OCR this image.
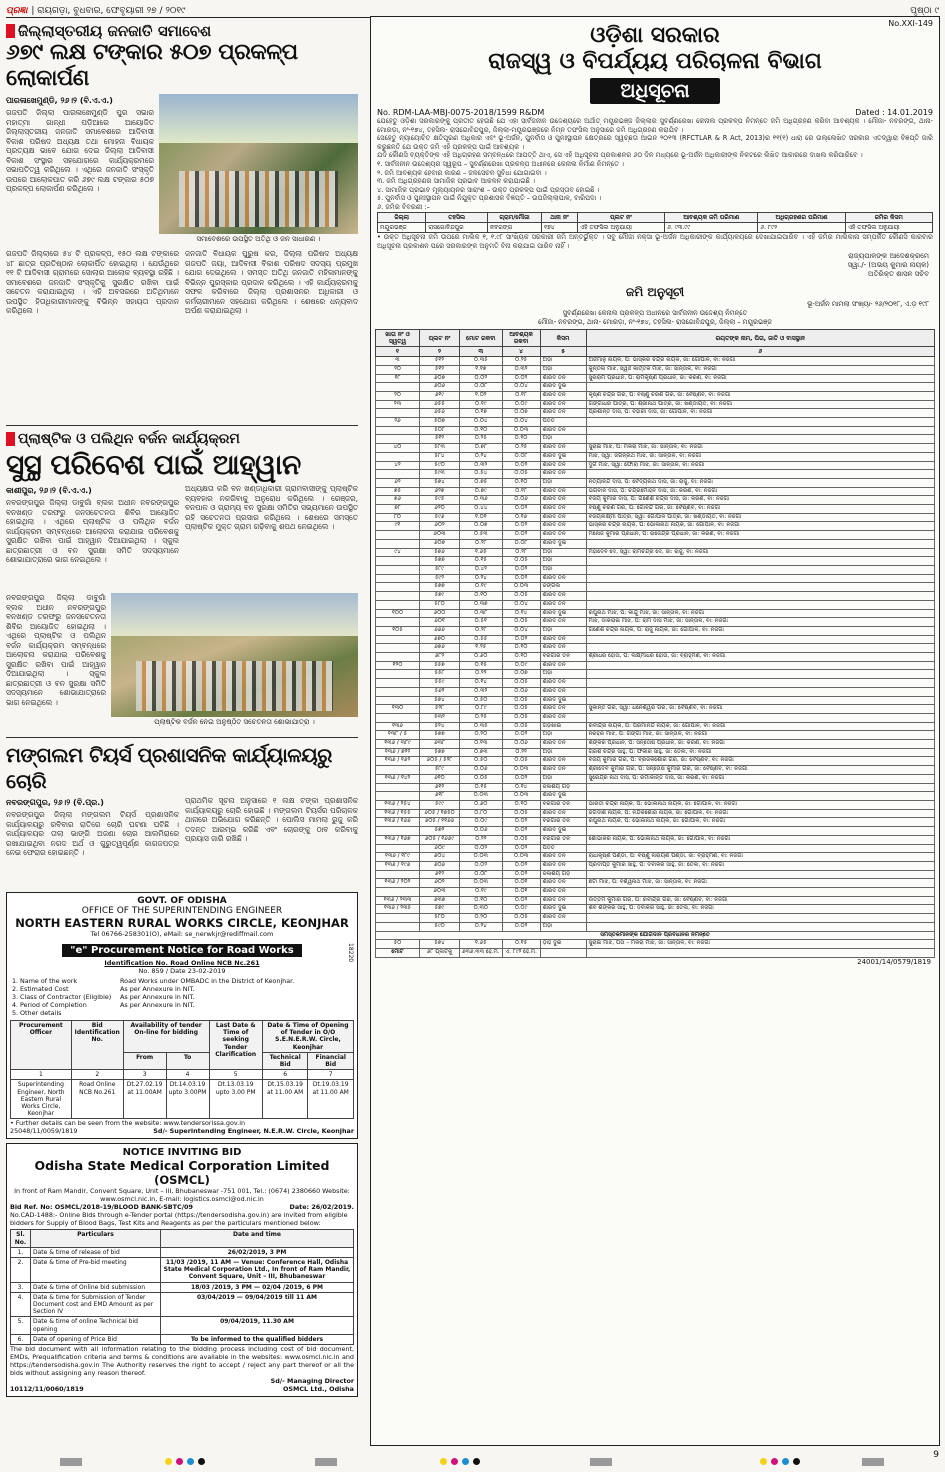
ପ୍ରଜ୍ଞା | ରାୟଗଡ଼ା, ବୁଧବାର, ଫେବୃୟାରୀ ୨୭ / ୨୦୧୯	ପୃଷ୍ଠା ୯
ଜିଲ୍ଲାସ୍ତରୀୟ ଜନଜାତି ସମାବେଶ
୬୭୯ ଲକ୍ଷ ଟଙ୍କାର ୫୦୭ ପ୍ରକଳ୍ପ ଲୋକାର୍ପଣ
ପାରଳାଖେମୁଣ୍ଡି, ୨୬।୨ (ବି.ଏ.ଏ.)
ଗଜପତି ଜିଲ୍ଲା ପାରଳାଖେମୁଣ୍ଡି ପୁର ସଭାର ମହାତ୍ମା ଗାନ୍ଧୀ ପଡ଼ିଆରେ ଆୟୋଜିତ ଜିଲ୍ଲାସ୍ତରୀୟ ଜନଜାତି ସମାବେଶରେ ଆଦିବାସୀ ବିକାଶ ପରିଷଦ ଅଧ୍ୟକ୍ଷ ତଥା ମୋହନା ବିଧାୟକ ପ୍ରତ୍ୟକ୍ଷ ଭାବେ ଯୋଗ ଦେଇ ଜିଲ୍ଲା ଆଦିବାସୀ ବିକାଶ ସଂସ୍ଥାର ସହଯୋଗରେ କାର୍ଯ୍ୟକ୍ରମରେ ସଭାପତିତ୍ୱ କରିଥିଲେ । ଏଥିରେ ଜନଜାତି ସଂସ୍କୃତି ଉପରେ ଆଲୋକପାତ କରି ୬୭୯ ଲକ୍ଷ ଟଙ୍କାର ୫୦୭ ପ୍ରକଳ୍ପ ଲୋକାର୍ପଣ କରିଥିଲେ ।
ସମାବେଶରେ ଉପସ୍ଥିତ ଅତିଥି ଓ ଜନ ସାଧାରଣ ।
ଗଜପତି ଜିଲ୍ଲାରେ ୫୪ ଟି ପ୍ରକଳ୍ପ, ୧୫୦ ଲକ୍ଷ ଟଙ୍କାରେ ୪୮ ଛାତ୍ର ପ୍ରତିଷ୍ଠାନ ଲୋକାର୍ପିତ ହୋଇଥିଲା । ଯେଉଁଥିରେ ୧୧ ଟି ଆଦିବାସୀ ଗ୍ରାମରେ ସୋଲାର ଆଲୋକ ବ୍ୟବସ୍ଥା ରହିଛି । ସମାବେଶରେ ଜନଜାତି ସଂସ୍କୃତିକୁ ସୁରକ୍ଷିତ ରଖିବା ପାଇଁ ସଚେତନ କରାଯାଇଥିଲା । ଏହି ଅବସରରେ ଅତିଥିମାନେ ଉପସ୍ଥିତ ହିତାଧିକାରୀମାନଙ୍କୁ ବିଭିନ୍ନ ସହାୟତା ପ୍ରଦାନ କରିଥିଲେ ।
ଜନଜାତି ବିଧାୟକ ପୁରୁଷ କର, ଜିଲ୍ଲା ପରିଷଦ ଅଧ୍ୟକ୍ଷ ଗଜପତି ଜୟା, ଆଦିବାସୀ ବିକାଶ ପରିଷଦ ସଦସ୍ୟ ପ୍ରମୁଖ ଯୋଗ ଦେଇଥିଲେ । ସମସ୍ତ ଅତିଥି ଜନଜାତି ମହିଳାମାନଙ୍କୁ ବିଭିନ୍ନ ପୁରସ୍କାର ପ୍ରଦାନ କରିଥିଲେ । ଏହି କାର୍ଯ୍ୟକ୍ରମକୁ ସଫଳ କରିବାରେ ଜିଲ୍ଲା ପ୍ରଶାସନର ଅଧିକାରୀ ଓ କର୍ମଚାରୀମାନେ ସହଯୋଗ କରିଥିଲେ । ଶେଷରେ ଧନ୍ୟବାଦ ଅର୍ପଣ କରାଯାଇଥିଲା ।
ପ୍ଲାଷ୍ଟିକ ଓ ପଲିଥିନ ବର୍ଜନ କାର୍ଯ୍ୟକ୍ରମ
ସୁସ୍ଥ ପରିବେଶ ପାଇଁ ଆହ୍ୱାନ
କାଶୀପୁର, ୨୬।୨ (ବି.ଏ.ଏ.)
ନବରଙ୍ଗପୁର ଜିଲ୍ଲା ଡାବୁଗାଁ ବ୍ଲକ ଅଧୀନ ନବରଙ୍ଗପୁର ବନଖଣ୍ଡ ତରଫରୁ ଜନସଚେତନତା ଶିବିର ଆୟୋଜିତ ହୋଇଥିଲା । ଏଥିରେ ପ୍ଲାଷ୍ଟିକ ଓ ପଲିଥିନ ବର୍ଜନ କାର୍ଯ୍ୟକ୍ରମ ସମ୍ବନ୍ଧରେ ଆଲୋଚନା କରାଯାଇ ପରିବେଶକୁ ସୁରକ୍ଷିତ ରଖିବା ପାଇଁ ଆହ୍ୱାନ ଦିଆଯାଇଥିଲା । ସ୍କୁଲ ଛାତ୍ରଛାତ୍ରୀ ଓ ବନ ସୁରକ୍ଷା ସମିତି ସଦସ୍ୟମାନେ ଶୋଭାଯାତ୍ରାରେ ଭାଗ ନେଇଥିଲେ ।
ଅଧ୍ୟକ୍ଷତା କରି ବନ ଖଣ୍ଡାଧିକାରୀ ଗ୍ରାମବାସୀଙ୍କୁ ପ୍ଲାଷ୍ଟିକ ବ୍ୟବହାର ନକରିବାକୁ ଅନୁରୋଧ କରିଥିଲେ । ରେଞ୍ଜର, ବନପାଳ ଓ ଗ୍ରାମ୍ୟ ବନ ସୁରକ୍ଷା ସମିତିର ସଭ୍ୟମାନେ ଉପସ୍ଥିତ ରହି ସଚେତନତା ପ୍ରସାର କରିଥିଲେ । ଶେଷରେ ସମସ୍ତେ ପ୍ଲାଷ୍ଟିକ ମୁକ୍ତ ଗ୍ରାମ ଗଢ଼ିବାକୁ ଶପଥ ନେଇଥିଲେ ।
ନବରଙ୍ଗପୁର ଜିଲ୍ଲା ଡାବୁଗାଁ ବ୍ଲକ ଅଧୀନ ନବରଙ୍ଗପୁର ବନଖଣ୍ଡ ତରଫରୁ ଜନସଚେତନତା ଶିବିର ଆୟୋଜିତ ହୋଇଥିଲା । ଏଥିରେ ପ୍ଲାଷ୍ଟିକ ଓ ପଲିଥିନ ବର୍ଜନ କାର୍ଯ୍ୟକ୍ରମ ସମ୍ବନ୍ଧରେ ଆଲୋଚନା କରାଯାଇ ପରିବେଶକୁ ସୁରକ୍ଷିତ ରଖିବା ପାଇଁ ଆହ୍ୱାନ ଦିଆଯାଇଥିଲା । ସ୍କୁଲ ଛାତ୍ରଛାତ୍ରୀ ଓ ବନ ସୁରକ୍ଷା ସମିତି ସଦସ୍ୟମାନେ ଶୋଭାଯାତ୍ରାରେ ଭାଗ ନେଇଥିଲେ ।
ପ୍ଲାଷ୍ଟିକ ବର୍ଜନ ନେଇ ଅନୁଷ୍ଠିତ ସଚେତନତା ଶୋଭାଯାତ୍ରା ।
ମଙ୍ଗଲମ ଟିୟର୍ସ ପ୍ରଶାସନିକ କାର୍ଯ୍ୟାଳୟରୁ ଚୋରି
ନବରଙ୍ଗପୁର, ୨୬।୨ (ବି.ପ୍ର.)
ନବରଙ୍ଗପୁର ଜିଲ୍ଲା ମଙ୍ଗଲମ ଟିୟର୍ସ ପ୍ରଶାସନିକ କାର୍ଯ୍ୟାଳୟରୁ ରବିବାର ରାତିରେ ଚୋରି ଘଟଣା ଘଟିଛି । କାର୍ଯ୍ୟାଳୟର ତାଲା ଭାଙ୍ଗି ଅଜଣା ଚୋର ଆଲମିରାରେ ରଖାଯାଇଥିବା ନଗଦ ଅର୍ଥ ଓ ଗୁରୁତ୍ୱପୂର୍ଣ୍ଣ କାଗଜପତ୍ର ନେଇ ଫେରାର ହୋଇଛନ୍ତି ।
ପ୍ରାଥମିକ ସୂଚନା ଅନୁସାରେ ୧ ଲକ୍ଷ ଟଙ୍କା ପ୍ରଶାସନିକ କାର୍ଯ୍ୟାଳୟରୁ ଚୋରି ହୋଇଛି । ମଙ୍ଗଲମ ଟିୟର୍ସର ପରିଚାଳକ ଥାନାରେ ଅଭିଯୋଗ କରିଛନ୍ତି । ପୋଲିସ ମାମଲା ରୁଜୁ କରି ତଦନ୍ତ ଆରମ୍ଭ କରିଛି ଏବଂ ଚୋରଙ୍କୁ ଠାବ କରିବାକୁ ପ୍ରୟାସ ଜାରି ରଖିଛି ।
GOVT. OF ODISHA
OFFICE OF THE SUPERINTENDING ENGINEER
NORTH EASTERN RURAL WORKS CIRCLE, KEONJHAR
Tel 06766-258301(O), eMail: se_nerwkjr@rediffmail.com
"e" Procurement Notice for Road Works
Identification No. Road Online NCB Nc.261
No. 859 / Date 23-02-2019
18220
1.	Name of the work	Road Works under OMBADC in the District of Keonjhar.
2.	Estimated Cost	As per Annexure in NIT.
3.	Class of Contractor (Eligible)	As per Annexure in NIT.
4.	Period of Completion	As per Annexure in NIT.
5.	Other details	
Procurement Officer	Bid Identification No.	Availability of tender On-line for bidding		Last Date & Time of seeking Tender Clarification	Date & Time of Opening of Tender in O/O S.E.N.E.R.W. Circle, Keonjhar	
		From	To		Technical Bid	Financial Bid
1	2	3	4	5	6	7
Superintending Engineer, North Eastern Rural Works Circle, Keonjhar	Road Online NCB No.261	Dt.27.02.19 at 11.00AM	Dt.14.03.19 upto 3.00PM	Dt.13.03.19 upto 3.00 PM	Dt.15.03.19 at 11.00 AM	Dt.19.03.19 at 11.00 AM
• Further details can be seen from the website: www.tendersorissa.gov.in
25048/11/0059/1819	Sd/- Superintending Engineer, N.E.R.W. Circle, Keonjhar
NOTICE INVITING BID
Odisha State Medical Corporation Limited
(OSMCL)
In front of Ram Mandir, Convent Square, Unit – III, Bhubaneswar -751 001, Tel.: (0674) 2380660 Website: www.osmcl.nic.in, E-mail: logistics.osmcl@od.nic.in
Bid Ref. No: OSMCL/2018-19/BLOOD BANK-SBTC/09	Date: 26/02/2019.
No.CAD-1488:- Online Bids through e-Tender portal (https://tendersodisha.gov.in) are invited from eligible bidders for Supply of Blood Bags, Test Kits and Reagents as per the particulars mentioned below:
Sl. No.	Particulars	Date and time
1.	Date & time of release of bid	26/02/2019, 3 PM
2.	Date & time of Pre-bid meeting	11/03 /2019, 11 AM — Venue: Conference Hall, Odisha State Medical Corporation Ltd., In front of Ram Mandir, Convent Square, Unit – III, Bhubaneswar
3.	Date & time of Online bid submission	18/03 /2019, 3 PM — 02/04 /2019, 6 PM
4.	Date & time for Submission of Tender Document cost and EMD Amount as per Section IV	03/04/2019 — 09/04/2019 till 11 AM
5.	Date & time of online Technical bid opening	09/04/2019, 11.30 AM
6.	Date of opening of Price Bid	To be informed to the qualified bidders
The bid document with all information relating to the bidding process including cost of bid document, EMDs, Prequalification criteria and terms & conditions are available in the websites: www.osmcl.nic.in and https://tendersodisha.gov.in The Authority reserves the right to accept / reject any part thereof or all the bids without assigning any reason thereof.
10112/11/0060/1819
Sd/- Managing Director
OSMCL Ltd., Odisha
No.XXI-149
ଓଡ଼ିଶା ସରକାର
ରାଜସ୍ୱ ଓ ବିପର୍ଯ୍ୟୟ ପରିଚାଳନା ବିଭାଗ
ଅଧିସୂଚନା
No. RDM-LAA-MBJ-0075-2018/1599 R&DM	Dated : 14.01.2019
ଯେହେତୁ ଓଡ଼ିଶା ସରକାରଙ୍କୁ ପ୍ରତୀତ ହେଉଛି ଯେ ଏହା ସାର୍ବଜନୀନ ଉଦ୍ଦେଶ୍ୟରେ ଅର୍ଥାତ୍ ମୟୂରଭଞ୍ଜ ଜିଲ୍ଲାର ସୁବର୍ଣ୍ଣରେଖା କେନାଲ ପ୍ରକଳ୍ପ ନିମନ୍ତେ ଜମି ଅଧିଗ୍ରହଣ କରିବା ଆବଶ୍ୟକ । ମୌଜା- ନବରଙ୍ଗ, ଥାନା- ମୋରଡ଼ା, ନଂ-୧୭୪, ତହସିଲ- ରାସଗୋବିନ୍ଦପୁର, ଜିଲ୍ଲା-ମୟୂରଭଞ୍ଜରେ ନିମ୍ନ ତଫସିଲ ଅନୁସାରେ ଜମି ଅଧିଗ୍ରହଣ କରାଯିବ ।
ସେହେତୁ ନ୍ୟାୟୋଚିତ କ୍ଷତିପୂରଣ ଅଧିକାର ଏବଂ ଭୂ-ଅର୍ଜନ, ପୁନର୍ବାସ ଓ ପୁନଃସ୍ଥାପନ କ୍ଷେତ୍ରରେ ସ୍ୱଚ୍ଛତା ଆଇନ ୨୦୧୩ (RFCTLAR & R Act, 2013)ର ୧୧(୧) ଧାରା ରେ ଉଲ୍ଲେଖିତ ସରକାର ଏତଦ୍ୱାରା ବିଜ୍ଞପ୍ତି ଜାରି କରୁଛନ୍ତି ଯେ ଉକ୍ତ ଜମି ଏହି ପ୍ରକଳ୍ପ ପାଇଁ ଆବଶ୍ୟକ ।
ଯଦି କୌଣସି ବ୍ୟକ୍ତିଙ୍କ ଏହି ଅଧିଗ୍ରହଣ ସମ୍ବନ୍ଧରେ ଆପତ୍ତି ଥାଏ, ସେ ଏହି ଅଧିସୂଚନା ପ୍ରକାଶନର ୬୦ ଦିନ ମଧ୍ୟରେ ଭୂ-ଅର୍ଜନ ଅଧିକାରୀଙ୍କ ନିକଟରେ ଲିଖିତ ଆକାରରେ ଦାଖଲ କରିପାରିବେ ।
୧. ସାର୍ବଜନୀନ ଉଦ୍ଦେଶ୍ୟର ସ୍ୱରୂପ – ସୁବର୍ଣ୍ଣରେଖା ପ୍ରକଳ୍ପ ଅଧୀନରେ କେନାଲ ନିର୍ମାଣ ନିମନ୍ତେ ।
୨. ଜମି ଆବଶ୍ୟକ ହେବାର କାରଣ – ଜଳସେଚନ ସୁବିଧା ଯୋଗାଇବା ।
୩. ଜମି ଅଧିଗ୍ରହଣର ସାମାଜିକ ପ୍ରଭାବ ଆକଳନ କରାଯାଇଛି ।
୪. ସାମାଜିକ ପ୍ରଭାବ ମୂଲ୍ୟାୟନର ସାରାଂଶ – ଉକ୍ତ ପ୍ରକଳ୍ପ ପାଇଁ ପ୍ରସ୍ତାବ ହୋଇଛି ।
୫. ପୁନର୍ବାସ ଓ ପୁନଃସ୍ଥାପନ ପାଇଁ ନିଯୁକ୍ତ ପ୍ରଶାସକ ବିଜ୍ଞପ୍ତି – ଉପଜିଲ୍ଲାପାଳ, ବାରିପଦା ।
୬. ଜମିର ବିବରଣୀ :–
ଜିଲ୍ଲା	ତହସିଲ	ଗ୍ରାମ/ମୌଜା	ଥାନା ନଂ	ପ୍ଲଟ ନଂ	ଆବଶ୍ୟକ ଜମି ପରିମାଣ	ଅଧିଗ୍ରହଣର ପରିମାଣ	ଜମିର କିସମ
ମୟୂରଭଞ୍ଜ	ରାସଗୋବିନ୍ଦପୁର	ନବରଙ୍ଗ	୧୭୪	ଏହି ତଫସିଲ ଅନୁଯାୟୀ	୬. ୯୩.୯୯	୬. ୮୯୨	ଏହି ତଫସିଲ ଅନୁଯାୟୀ
• ଉକ୍ତ ଅଧିସୂଚନା ଜମି ଉପରେ ମାଲିକ ୧, ୧.୯୮ ସାଂଖ୍ୟିକ ସରକାରୀ ଜମି ଅନ୍ତର୍ଭୁକ୍ତ । ସବୁ ମୌଜା ନକ୍ସା ଭୂ-ଅର୍ଜନ ଅଧିକାରୀଙ୍କ କାର୍ଯ୍ୟାଳୟରେ ଦେଖାଯାଇପାରିବ । ଏହି ଜମିର ମାଲିକାନା ସମ୍ପର୍କିତ କୌଣସି କାରବାର ଅଧିସୂଚନା ପ୍ରକାଶନ ପରେ ସରକାରଙ୍କ ଅନୁମତି ବିନା କରାଯାଇ ପାରିବ ନାହିଁ ।
ରାଜ୍ୟପାଳଙ୍କ ଆଦେଶକ୍ରମେ
ସ୍ୱା./- (ଅଭୟ କୁମାର ନାୟକ)
ଅତିରିକ୍ତ ଶାସନ ସଚିବ
ଜମି ଅନୁସୂଚୀ
ଭୂ-ଅର୍ଜନ ମାମଲା ସଂଖ୍ୟା- ୨୬/୨୦୧୮, ଏ.ଡ଼ ୧୯୮
ସୁବର୍ଣ୍ଣରେଖା କେନାଲ ପ୍ରକଳ୍ପ ଅଧୀନରେ ସାର୍ବଜନୀନ ଉଦ୍ଦେଶ୍ୟ ନିମନ୍ତେ
ମୌଜା- ନବରଙ୍ଗ, ଥାନା- ମୋରଡ଼ା, ନଂ-୧୭୪, ତହସିଲ- ରାସଗୋବିନ୍ଦପୁର, ଜିଲ୍ଲା – ମୟୂରଭଞ୍ଜ
ଖାତା ନଂ ଓ ସ୍ୱତ୍ୱ	ପ୍ଲଟ ନଂ	ମୋଟ ରକବା	ଆବଶ୍ୟକ ରକବା	କିସମ	ରୟତଙ୍କ ନାମ, ପିତା, ଜାତି ଓ ବାସସ୍ଥାନ
୧	୨	୩	୪	୫	୬
୩	୫୧୨	୦.୩୫	୦.୨୫	ଅଡ଼ା	ଅର୍ଜିମାନୁ ନାୟକ, ପି: ଭାସ୍କର ଚନ୍ଦ୍ର ନାୟକ, ଜା: ଗୋପାଳ, ବା: ନିଜଗାଁ
୨୦	୫୧୨	୧.୧୭	୦.୩୨	ଅଡ଼ା	କୁନ୍ତଳା ମାଝି, ସ୍ୱାଃ କାର୍ତ୍ତିକ ମାଝି, ଜା: ସାନ୍ତାଳ, ବା: ନିଜଗାଁ
୧୮	୬୦୭	୦.୦୨	୦.୦୨	ଶାରଦ ତିନି	ସୁନାରାମ ପ୍ରଧାନ, ପି: ରାମକୃଷ୍ଣ ପ୍ରଧାନ, ଜା: କରଣ, ବା: ନିଜଗାଁ
	୬୦୬	୦.୦୮	୦.୦୪	ଶାରଦ ଦୁଇ	
୨୦	୬୧୯	୧.୦୨	୦.୧୮	ଶାରଦ ତିନି	କୃଷ୍ଣ ଚନ୍ଦ୍ର ଗିରି, ପି: ବିଷ୍ଣୁ ଚରଣ ଗିରି, ଜା: ବୈଷ୍ଣବ, ବା: ନିଜଗାଁ
୨୩	୬୫୫	୦.୧୯	୦.୦୯	ଶାରଦ ତିନି	ଗଙ୍ଗାଧର ପାତ୍ର, ପି: ଶ୍ରୀନାଥ ପାତ୍ର, ଜା: ଖଣ୍ଡାୟତ, ବା: ନିଜଗାଁ
	୬୫୬	୦.୧୭	୦.୦୭	ଶାରଦ ତିନି	ପ୍ରଶାନ୍ତ ଦାସ, ପି: ବିହାରୀ ଦାସ, ଜା: ଗୋପାଳ, ବା: ନିଜଗାଁ
୨୬	୫୦୭	୦.୦୪	୦.୦୪	ପତିତ	
	୫୦୮	୦.୧୦	୦.୦୩	ଶାରଦ ତିନି	
	୫୧୨	୦.୨୫	୦.୧୦	ଅଡ଼ା	
୪୦	୫୮୩	୦.୭୮	୦.୨୫	ଶାରଦ ତିନି	ସୁରାଇ ମାଝି, ପି: ମକରା ମାଝି, ଜା: ସାନ୍ତାଳ, ବା: ନିଜଗାଁ
	୫୮୪	୦.୨୪	୦.୦୮	ଶାରଦ ଦୁଇ	ମାଝି, ସ୍ୱା: ଜଗନ୍ନାଥ ମାଝି, ଜା: ସାନ୍ତାଳ, ବା: ନିଜଗାଁ
୪୨	୫୯୦	୦.୩୨	୦.୦୨	ଶାରଦ ତିନି	ଦୁର୍ଗି ମାଝି, ସ୍ୱା: ଫୋରା ମାଝି, ଜା: ସାନ୍ତାଳ, ବା: ନିଜଗାଁ
	୫୯୩	୦.୫୪	୦.୦୫	ଶାରଦ ତିନି	
୬୨	୫୭୪	୦.୭୫	୦.୧୦	ଅଡ଼ା	ନିତ୍ୟାନନ୍ଦ ଦାସ, ପି: ବୈଦ୍ୟନାଥ ଦାସ, ଜା: ରାଜୁ, ବା: ନିଜଗାଁ
୭୫	୬୨୭	୦.୭୯	୦.୧୮	ଶାରଦ ତିନି	ଭଗବାନ ଦାସ, ପି: ଚନ୍ଦ୍ରମୋହନ ଦାସ, ଜା: କରଣ, ବା: ନିଜଗାଁ
୭୬	୫୯୫	୦.୩୬	୦.୦୬	ଶାରଦ ତିନି	ବିଜୟ କୁମାର ଦାସ, ପି: ଗଣେଶ ଚନ୍ଦ୍ର ଦାସ, ଜା: କରଣ, ବା: ନିଜଗାଁ
୭୮	୬୨୦	୦.୪୪	୦.୦୨	ଶାରଦ ତିନି	ବିଷ୍ଣୁ ଚରଣ ଗିରି, ପି: ଗୋବିନ୍ଦ ଗିରି, ଜା: ବୈଷ୍ଣବ, ବା: ନିଜଗାଁ
୮୦	୫୯୬	୧.୦୧	୦.୧୬	ଶାରଦ ତିନି	ବିଜୟଲକ୍ଷ୍ମୀ ପାତ୍ର, ସ୍ୱା: ଗୋପାଳ ପାତ୍ର, ଜା: ଖଣ୍ଡାୟତ, ବା: ନିଜଗାଁ
୯୧	୬୦୨	୦.୦୭	୦.୦୨	ଶାରଦ ତିନି	ଭାସ୍କର ଚନ୍ଦ୍ର ନାୟକ, ପି: ଭୋଳାନାଥ ନାୟକ, ଜା: ଗୋପାଳ, ବା: ନିଜଗାଁ
	୬୦୩	୦.୫୩	୦.୦୨	ଶାରଦ ତିନି	ମନୋଜ କୁମାର ପ୍ରଧାନ, ପି: ରାଜେନ୍ଦ୍ର ପ୍ରଧାନ, ଜା: କରଣ, ବା: ନିଜଗାଁ
	୬୦୭	୦.୨୮	୦.୦୮	ଶାରଦ ଦୁଇ	
୯୪	୫୭୬	୧.୬୫	୦.୨୮	ଅଡ଼ା	ମହାଦେବ ଦେ, ସ୍ୱା: ରାମଚନ୍ଦ୍ର ଦେ, ଜା: ରାଜୁ, ବା: ନିଜଗାଁ
	୫୭୭	୦.୧୫	୦.୦୫	ଅଡ଼ା	
	୫୮୯	୦.୪୨	୦.୦୨	ଅଡ଼ା	
	୫୯୨	୦.୨୪	୦.୦୨	ଶାରଦ ତିନି	
	୫୭୭	୦.୧୯	୦.୦୩	ଜଙ୍ଗଲ	
	୫୭୯	୦.୧୦	୦.୦୫	ଶାରଦ ତିନି	
	୫୮୦	୦.୩୭	୦.୦୪	ଶାରଦ ତିନି	
୧୦୦	୬୦୦	୦.୩୮	୦.୧୪	ଶାରଦ ଦୁଇ	ରଘୁନାଥ ମାଝି, ପି: କାନ୍ଦୁ ମାଝି, ଜା: ସାନ୍ତାଳ, ବା: ନିଜଗାଁ
	୬୦୧	୦.୫୧	୦.୦୫	ଶାରଦ ତିନି	ମାଝି, ଡାକରାଇ ମାଝି, ପି: ରାମ ଦାସ ମାଝି, ଜା: ସାନ୍ତାଳ, ବା: ନିଜଗାଁ
୧୦୫	୬୬୬	୦.୨୮	୦.୦୪	ଅଡ଼ା	ଗଣେଶ ଚନ୍ଦ୍ର ନାୟକ, ପି: ରାଜୁ ନାୟକ, ଜା: ଗୋପାଳ, ବା: ନିଜଗାଁ
	୬୭୦	୦.୫୫	୦.୦୨	ଶାରଦ ତିନି	
	୬୭୬	୧.୨୫	୦.୧୦	ଶାରଦ ତିନି	
	୬୮୨	୦.୬୦	୦.୧୦	ବରଗାର ତିନି	ଶ୍ରୀଧର ହୋତା, ପି: ଲକ୍ଷ୍ମୀଧର ହୋତା, ଜା: ବ୍ରାହ୍ମଣ, ବା: ନିଜଗାଁ
୧୨୦	୫୫୭	୦.୧୫	୦.୦୯	ଶାରଦ ତିନି	
	୫୫୮	୦.୨୨	୦.୦୭	ଅଡ଼ା	
	୫୫୯	୦.୧୪	୦.୦୫	ଶାରଦ ତିନି	
	୫୬୨	୦.୩୨	୦.୦୬	ଶାରଦ ତିନି	
	୫୭୪	୦.୫୦	୦.୦୫	ଶାରଦ ଦୁଇ	
୧୩୦	୫୨୮	୦.୮୯	୦.୦୫	ଶାରଦ ତିନି	ସୁକାନ୍ତି ଗିରି, ସ୍ୱା: ଧନେଶ୍ୱର ଗିରି, ଜା: ବୈଷ୍ଣବ, ବା: ନିଜଗାଁ
	୫୩୨	୦.୨୫	୦.୦୫	ଶାରଦ ତିନି	
୧୩୬	୫୨୪	୦.୩୫	୦.୦୫	ଗଡ଼ଖାଇ	ରବୀନ୍ଦ୍ର ନାୟକ, ପି: ପରମାନନ୍ଦ ନାୟକ, ଜା: ଗୋପାଳ, ବା: ନିଜଗାଁ
୧୩୮ / ୫	୫୭୭	୦.୨୦	୦.୦୨	ଅଡ଼ା	ନରହରି ମାଝି, ପି: ଗଙ୍ଗା ମାଝି, ଜା: ସାନ୍ତାଳ, ବା: ନିଜଗାଁ
୧୩୬ / ୩୮୯	୬୩୮	୦.୧୩	୦.୦୬	ଶାରଦ ତିନି	ଶଙ୍କର ପ୍ରଧାନ, ପି: ସନ୍ତୋଷ ପ୍ରଧାନ, ଜା: କରଣ, ବା: ନିଜଗାଁ
୧୩୬ / ୭୨୨	୫୭୭	୦.୭୩	୦.୨୨	ଅଡ଼ା	ଗିରିଶ ଚନ୍ଦ୍ର ସାହୁ, ପି: ଫକୀର ସାହୁ, ଜା: ତେଲି, ବା: ନିଜଗାଁ
୧୩୬ / ୧୬୨	୬୦୫ / ୫୨୮	୦.୫୦	୦.୦୫	ଶାରଦ ତିନି	ବିଜୟ କୁମାର ଗିରି, ପି: ବ୍ରଜକିଶୋର ଗିରି, ଜା: ବୈଷ୍ଣବ, ବା: ନିଜଗାଁ
	୫୮୯	୦.୦୬	୦.୦୩	ଶାରଦ ତିନି	ଶ୍ରୀଦେବ କୁମାର ଗିରି, ପି: ସନ୍ତୋଷ କୁମାର ଗିରି, ଜା: ବୈଷ୍ଣବ, ବା: ନିଜଗାଁ
୧୩୬ / ୧୪୨	୬୧୦	୦.୦୫	୦.୦୨	ଅଡ଼ା	ସୁରେନ୍ଦ୍ର ନାଥ ଦାସ, ପି: ରମାକାନ୍ତ ଦାସ, ଜା: କରଣ, ବା: ନିଜଗାଁ
	୬୧୨	୦.୧୫	୦.୧୪	ଜଳାଶୟ ଗଡ଼	
	୬୧୮	୦.୦୩	୦.୦୩	ଶାରଦ ଦୁଇ	
୧୩୬ / ୨୫୪	୫୯୯	୦.୬୦	୦.୧୦	ବରଗାର ତିନି	ଭାରତୀ ଚନ୍ଦ୍ର ନାୟକ, ପି: ଭୋଳାନାଥ ନାୟକ, ଜା: ଗୋପାଳ, ବା: ନିଜଗାଁ
୧୩୬ / ୧୫୫	୬୦୫ / ୧୭୫୦	୦.୮୦	୦.୦୫	ଶାରଦ ତିନି	ଜଗଦୀଶ ନାୟକ, ପି: ନନ୍ଦକିଶୋର ନାୟକ, ଜା: ଗୋପାଳ, ବା: ନିଜଗାଁ
୧୩୬ / ୧୬୬	୬୦୫ / ୧୧୬୬	୦.୦୯	୦.୦୨	ବରଗାର ତିନି	ରଘୁନାଥ ନାୟକ, ପି: ଭୋଳାନାଥ ନାୟକ, ଜା: ଗୋପାଳ, ବା: ନିଜଗାଁ
	୫୭୨	୦.୦୬	୦.୦୨	ଶାରଦ ଦୁଇ	
୧୩୬ / ୧୬୭	୬୦୫ / ୧୬୬୯	୦.୨୨	୦.୦୫	ବରଗାର ତିନି	ଶୋଭାକର ନାୟକ, ପି: ଭୋଳାନାଥ ନାୟକ, ଜା: ଗୋପାଳ, ବା: ନିଜଗାଁ
	୬୦୯	୦.୦୨	୦.୦୨	ପତିତ	
୧୩୬ / ୧୮୯	୬୦୪	୦.୦୩	୦.୦୩	ଶାରଦ ତିନି	ରାଧାକୃଷ୍ଣ ପଣ୍ଡା, ପି: ବିଷ୍ଣୁ ନାରାୟଣ ପଣ୍ଡା, ଜା: ବ୍ରାହ୍ମଣ, ବା: ନିଜଗାଁ
୧୩୬ / ୧୯୬	୬୦୬	୦.୦୨	୦.୦୨	ଶାରଦ ତିନି	ପ୍ରଦୀପ୍ତ କୁମାର ସାହୁ, ପି: ଦିବାକର ସାହୁ, ଜା: ତେଲି, ବା: ନିଜଗାଁ
	୬୧୨	୦.୦୮	୦.୦୨	ଜଳାଶୟ ଗଡ଼	
୧୩୬ / ୨୦୨	୬୦୨	୦.୦୩	୦.୦୧	ଶାରଦ ତିନି	ଛିଟା ମାଝି, ପି: ବିଶ୍ୱନାଥ ମାଝି, ଜା: ସାନ୍ତାଳ, ବା: ନିଜଗାଁ
	୬୦୩	୦.୧୯	୦.୦୧	ଶାରଦ ତିନି	
୧୩୬ / ୨୩୩	୬୩୭	୦.୧୦	୦.୦୨	ଶାରଦ ତିନି	ଉତ୍ତମ କୁମାର ଗିରି, ପି: ରବୀନ୍ଦ୍ର ଗିରି, ଜା: ବୈଷ୍ଣବ, ବା: ନିଜଗାଁ
୧୩୬ / ୨୩୫	୫୭୯	୦.୩୦	୦.୦୯	ଶାରଦ ଦୁଇ	ଶିବ ଶଙ୍କର ସାହୁ, ପି: ଦିବାକର ସାହୁ, ଜା: ତେଲି, ବା: ନିଜଗାଁ
	୫୮୦	୦.୨୦	୦.୦୫	ଶାରଦ ତିନି	
	୫୯୦	୦.୨୪	୦.୦୨	ଅଡ଼ା	
ସମସ୍ତକମାନଙ୍କ ଯୋଗଦାନ ପ୍ରବିଧାନର ନିମନ୍ତେ					
୫୦	୫୭୪	୧.୬୫	୦.୧୫	ଡ଼ାହି ଦୁଇ	ସୁରାଇ ମାଝି, ପିତା – ମକରା ମାଝି, ଜା: ସାନ୍ତାଳ, ବା: ନିଜଗାଁ
ମୋଟ	୬୮ ପ୍ଲଟକୁ	୬୩୬.୩୩ ହେ.ମି.	ଏ. ୮୯୨ ହେ.ମି.		
24001/14/0579/1819
9
